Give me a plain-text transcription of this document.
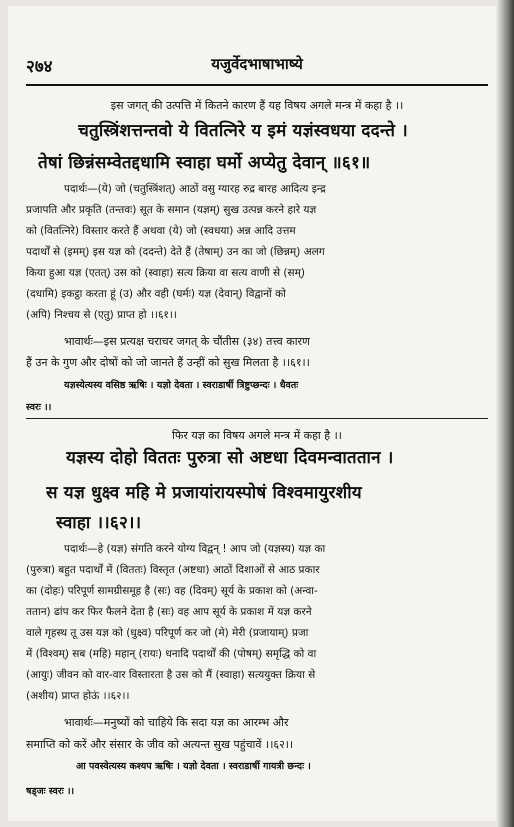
२७४	यजुर्वेदभाषाभाष्ये
इस जगत् की उत्पत्ति में कितने कारण हैं यह विषय अगले मन्त्र में कहा है ।।
चतुस्त्रिंशत्तन्तवो ये वितत्निरे य इमं यज्ञंस्वधया ददन्ते ।
तेषां छिन्नंसम्वेतद्दधामि स्वाहा घर्मो अप्येतु देवान् ॥६१॥
पदार्थः—(ये) जो (चतुस्त्रिंशत्) आठों वसु ग्यारह रुद्र बारह आदित्य इन्द्र
प्रजापति और प्रकृति (तन्तवः) सूत के समान (यज्ञम्) सुख उत्पन्न करने हारे यज्ञ
को (वितत्निरे) विस्तार करते हैं अथवा (ये) जो (स्वधया) अन्न आदि उत्तम
पदार्थों से (इमम्) इस यज्ञ को (ददन्ते) देते हैं (तेषाम्) उन का जो (छिन्नम्) अलग
किया हुआ यज्ञ (एतत्) उस को (स्वाहा) सत्य क्रिया वा सत्य वाणी से (सम्)
(दधामि) इकट्ठा करता हूं (उ) और वही (घर्मः) यज्ञ (देवान्) विद्वानों को
(अपि) निश्चय से (एतु) प्राप्त हो ।।६१।।
भावार्थः—इस प्रत्यक्ष चराचर जगत् के चौंतीस (३४) तत्त्व कारण
हैं उन के गुण और दोषों को जो जानते हैं उन्हीं को सुख मिलता है ।।६१।।
यज्ञस्येत्यस्य वसिष्ठ ऋषिः । यज्ञो देवता । स्वराडार्षी त्रिष्टुप्छन्दः । धैवतः
स्वरः ।।
फिर यज्ञ का विषय अगले मन्त्र में कहा है ।।
यज्ञस्य दोहो विततः पुरुत्रा सो अष्टधा दिवमन्वाततान ।
स यज्ञ धुक्ष्व महि मे प्रजायांरायस्पोषं विश्वमायुरशीय
स्वाहा ।।६२।।
पदार्थः—हे (यज्ञ) संगति करने योग्य विद्वन् ! आप जो (यज्ञस्य) यज्ञ का
(पुरुत्रा) बहुत पदार्थों में (विततः) विस्तृत (अष्टधा) आठों दिशाओं से आठ प्रकार
का (दोहः) परिपूर्ण सामग्रीसमूह है (सः) वह (दिवम्) सूर्य के प्रकाश को (अन्वा-
ततान) ढांप कर फिर फैलने देता है (सः) वह आप सूर्य के प्रकाश में यज्ञ करने
वाले गृहस्थ तू उस यज्ञ को (धुक्ष्व) परिपूर्ण कर जो (मे) मेरी (प्रजायाम्) प्रजा
में (विश्वम्) सब (महि) महान् (रायः) धनादि पदार्थों की (पोषम्) समृद्धि को वा
(आयुः) जीवन को वार-वार विस्तारता है उस को मैं (स्वाहा) सत्ययुक्त क्रिया से
(अशीय) प्राप्त होऊं ।।६२।।
भावार्थः—मनुष्यों को चाहिये कि सदा यज्ञ का आरम्भ और
समाप्ति को करें और संसार के जीव को अत्यन्त सुख पहुंचावें ।।६२।।
आ पवस्वेत्यस्य कश्यप ऋषिः । यज्ञो देवता । स्वराडार्षी गायत्री छन्दः ।
षड्जः स्वरः ।।
